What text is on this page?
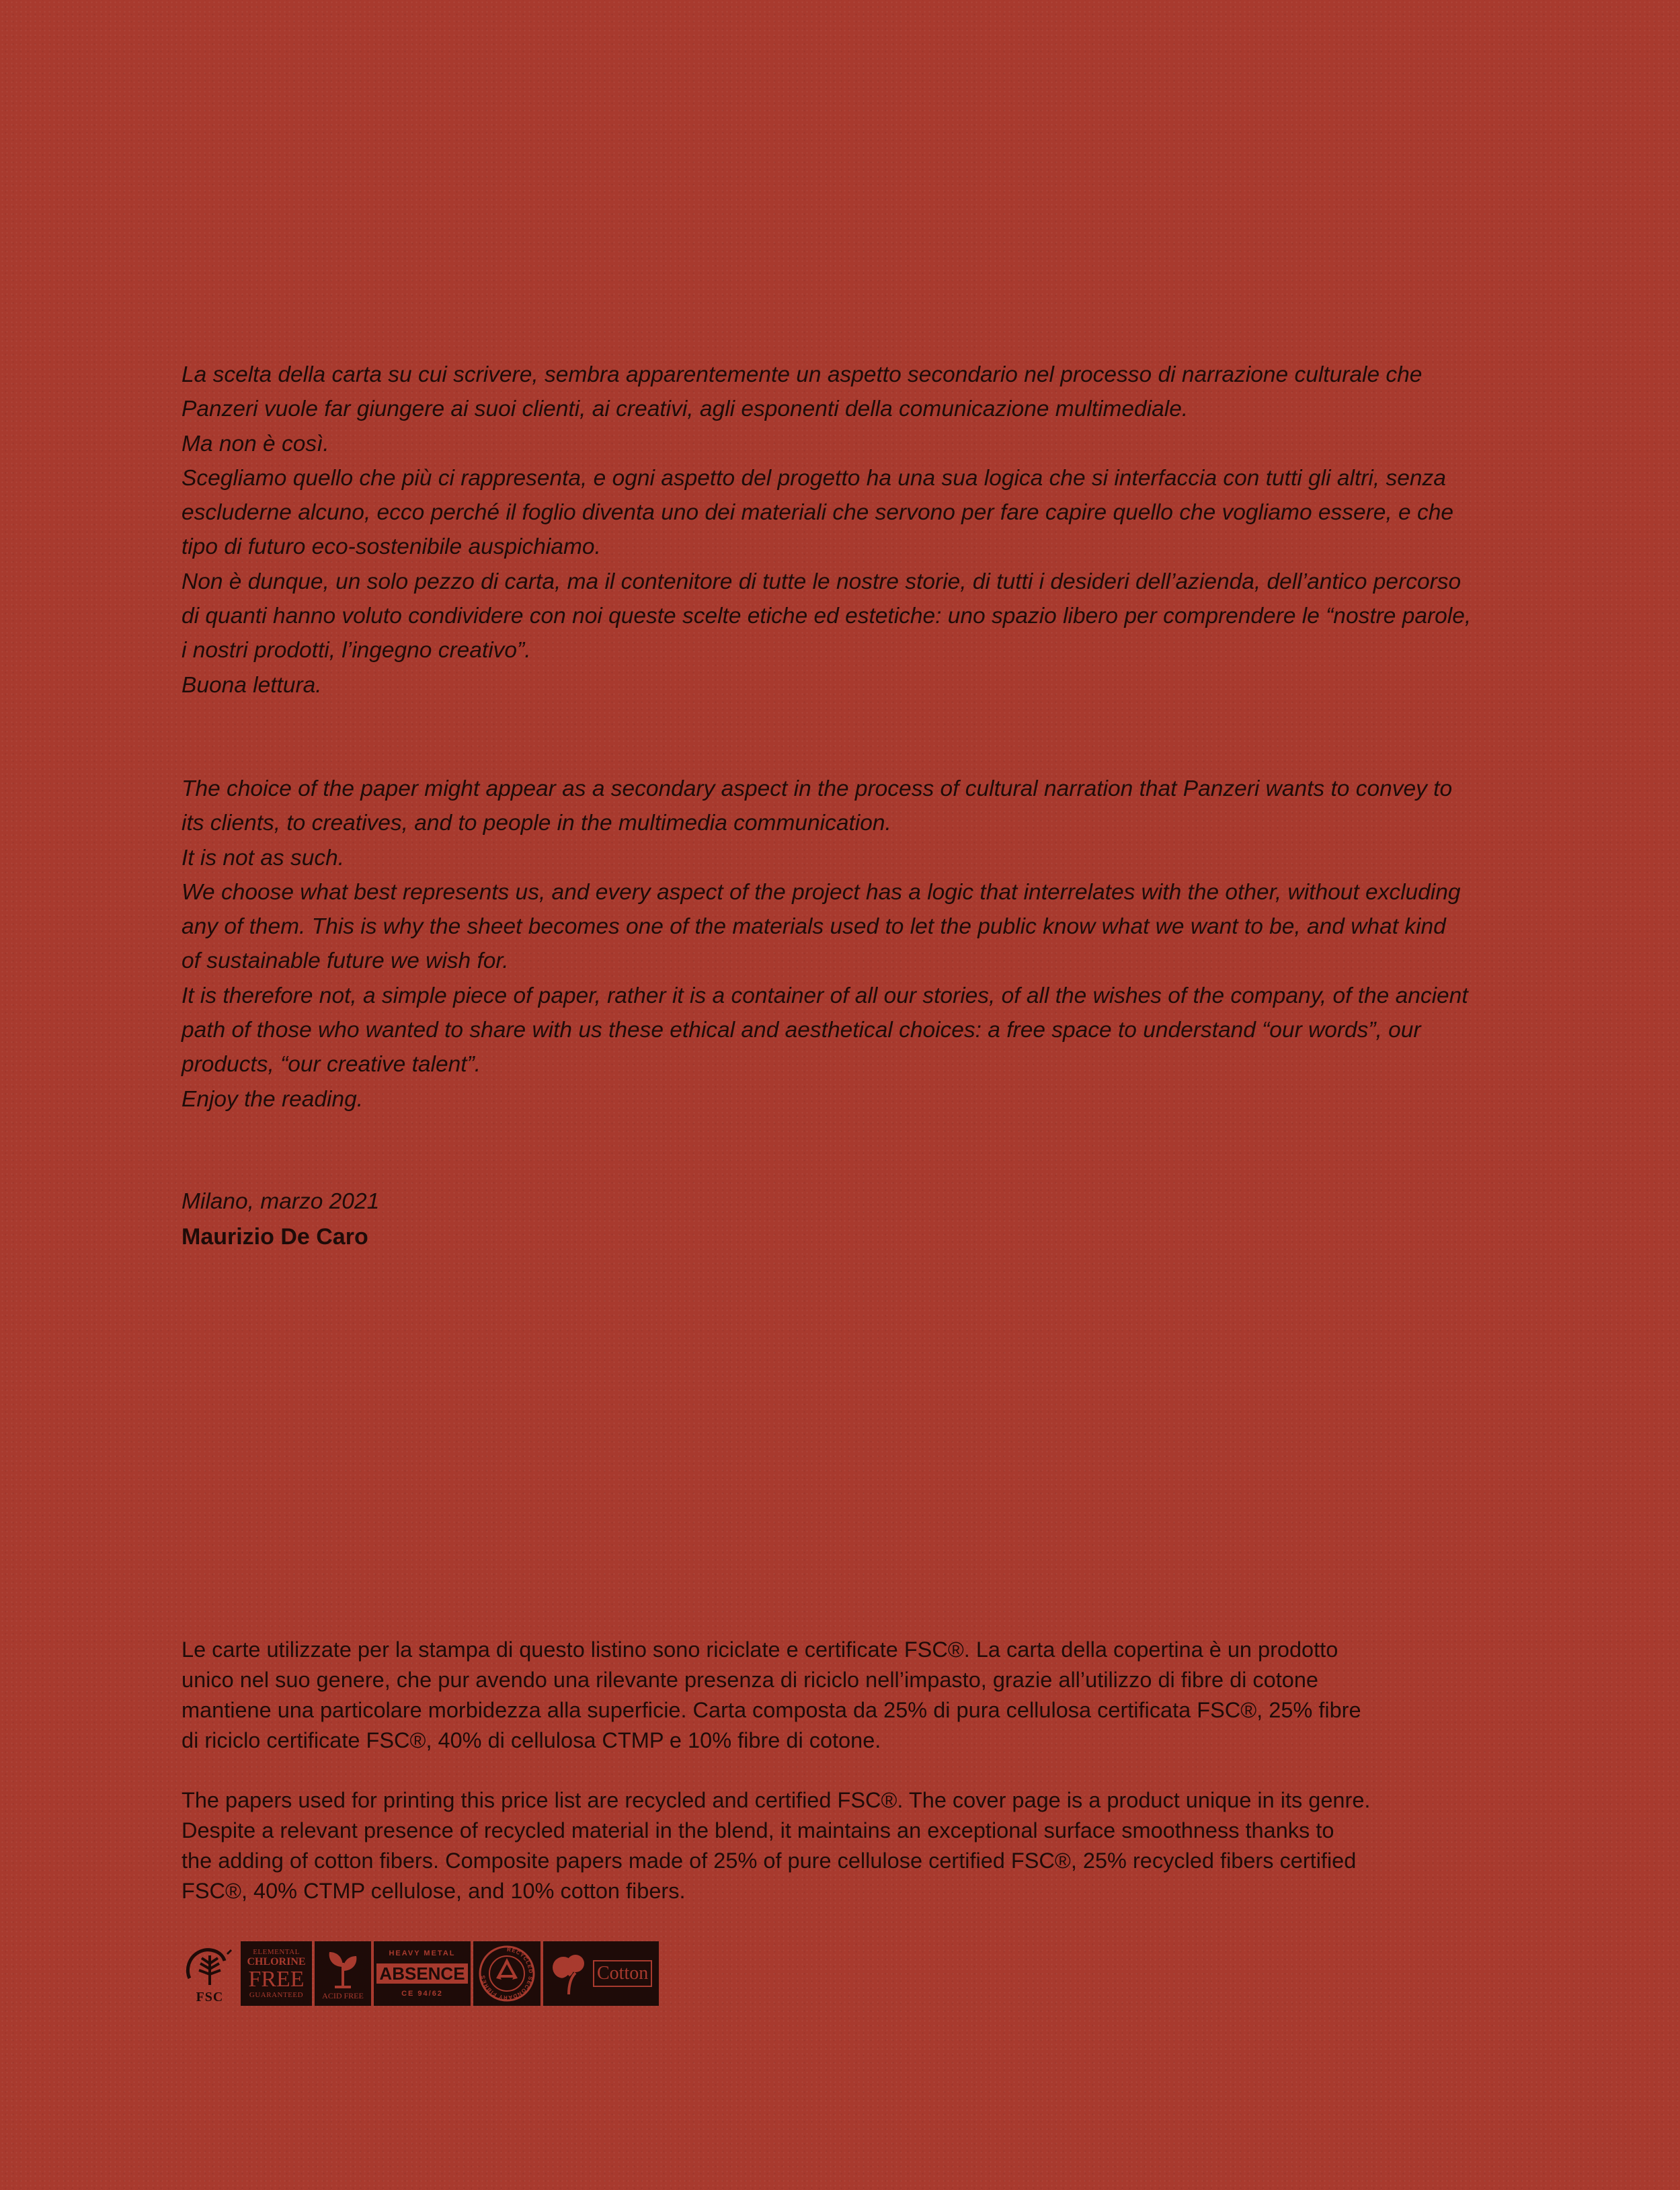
La scelta della carta su cui scrivere, sembra apparentemente un aspetto secondario nel processo di narrazione culturale che
Panzeri vuole far giungere ai suoi clienti, ai creativi, agli esponenti della comunicazione multimediale.
Ma non è così.
Scegliamo quello che più ci rappresenta, e ogni aspetto del progetto ha una sua logica che si interfaccia con tutti gli altri, senza
escluderne alcuno, ecco perché il foglio diventa uno dei materiali che servono per fare capire quello che vogliamo essere, e che
tipo di futuro eco-sostenibile auspichiamo.
Non è dunque, un solo pezzo di carta, ma il contenitore di tutte le nostre storie, di tutti i desideri dell’azienda, dell’antico percorso
di quanti hanno voluto condividere con noi queste scelte etiche ed estetiche: uno spazio libero per comprendere le “nostre parole,
i nostri prodotti, l’ingegno creativo”.
Buona lettura.

The choice of the paper might appear as a secondary aspect in the process of cultural narration that Panzeri wants to convey to
its clients, to creatives, and to people in the multimedia communication.
It is not as such.
We choose what best represents us, and every aspect of the project has a logic that interrelates with the other, without excluding
any of them. This is why the sheet becomes one of the materials used to let the public know what we want to be, and what kind
of sustainable future we wish for.
It is therefore not, a simple piece of paper, rather it is a container of all our stories, of all the wishes of the company, of the ancient
path of those who wanted to share with us these ethical and aesthetical choices: a free space to understand “our words”, our
products, “our creative talent”.
Enjoy the reading.

Milano, marzo 2021
Maurizio De Caro

Le carte utilizzate per la stampa di questo listino sono riciclate e certificate FSC®. La carta della copertina è un prodotto
unico nel suo genere, che pur avendo una rilevante presenza di riciclo nell’impasto, grazie all’utilizzo di fibre di cotone
mantiene una particolare morbidezza alla superficie. Carta composta da 25% di pura cellulosa certificata FSC®, 25% fibre
di riciclo certificate FSC®, 40% di cellulosa CTMP e 10% fibre di cotone.

The papers used for printing this price list are recycled and certified FSC®. The cover page is a product unique in its genre.
Despite a relevant presence of recycled material in the blend, it maintains an exceptional surface smoothness thanks to
the adding of cotton fibers. Composite papers made of 25% of pure cellulose certified FSC®, 25% recycled fibers certified
FSC®, 40% CTMP cellulose, and 10% cotton fibers.

FSC
ELEMENTAL
CHLORINE
FREE
GUARANTEED ACID FREE
HEAVY METAL
ABSENCE
CE 94/62
RECYCLED SECONDARY FIBRES	Cotton
